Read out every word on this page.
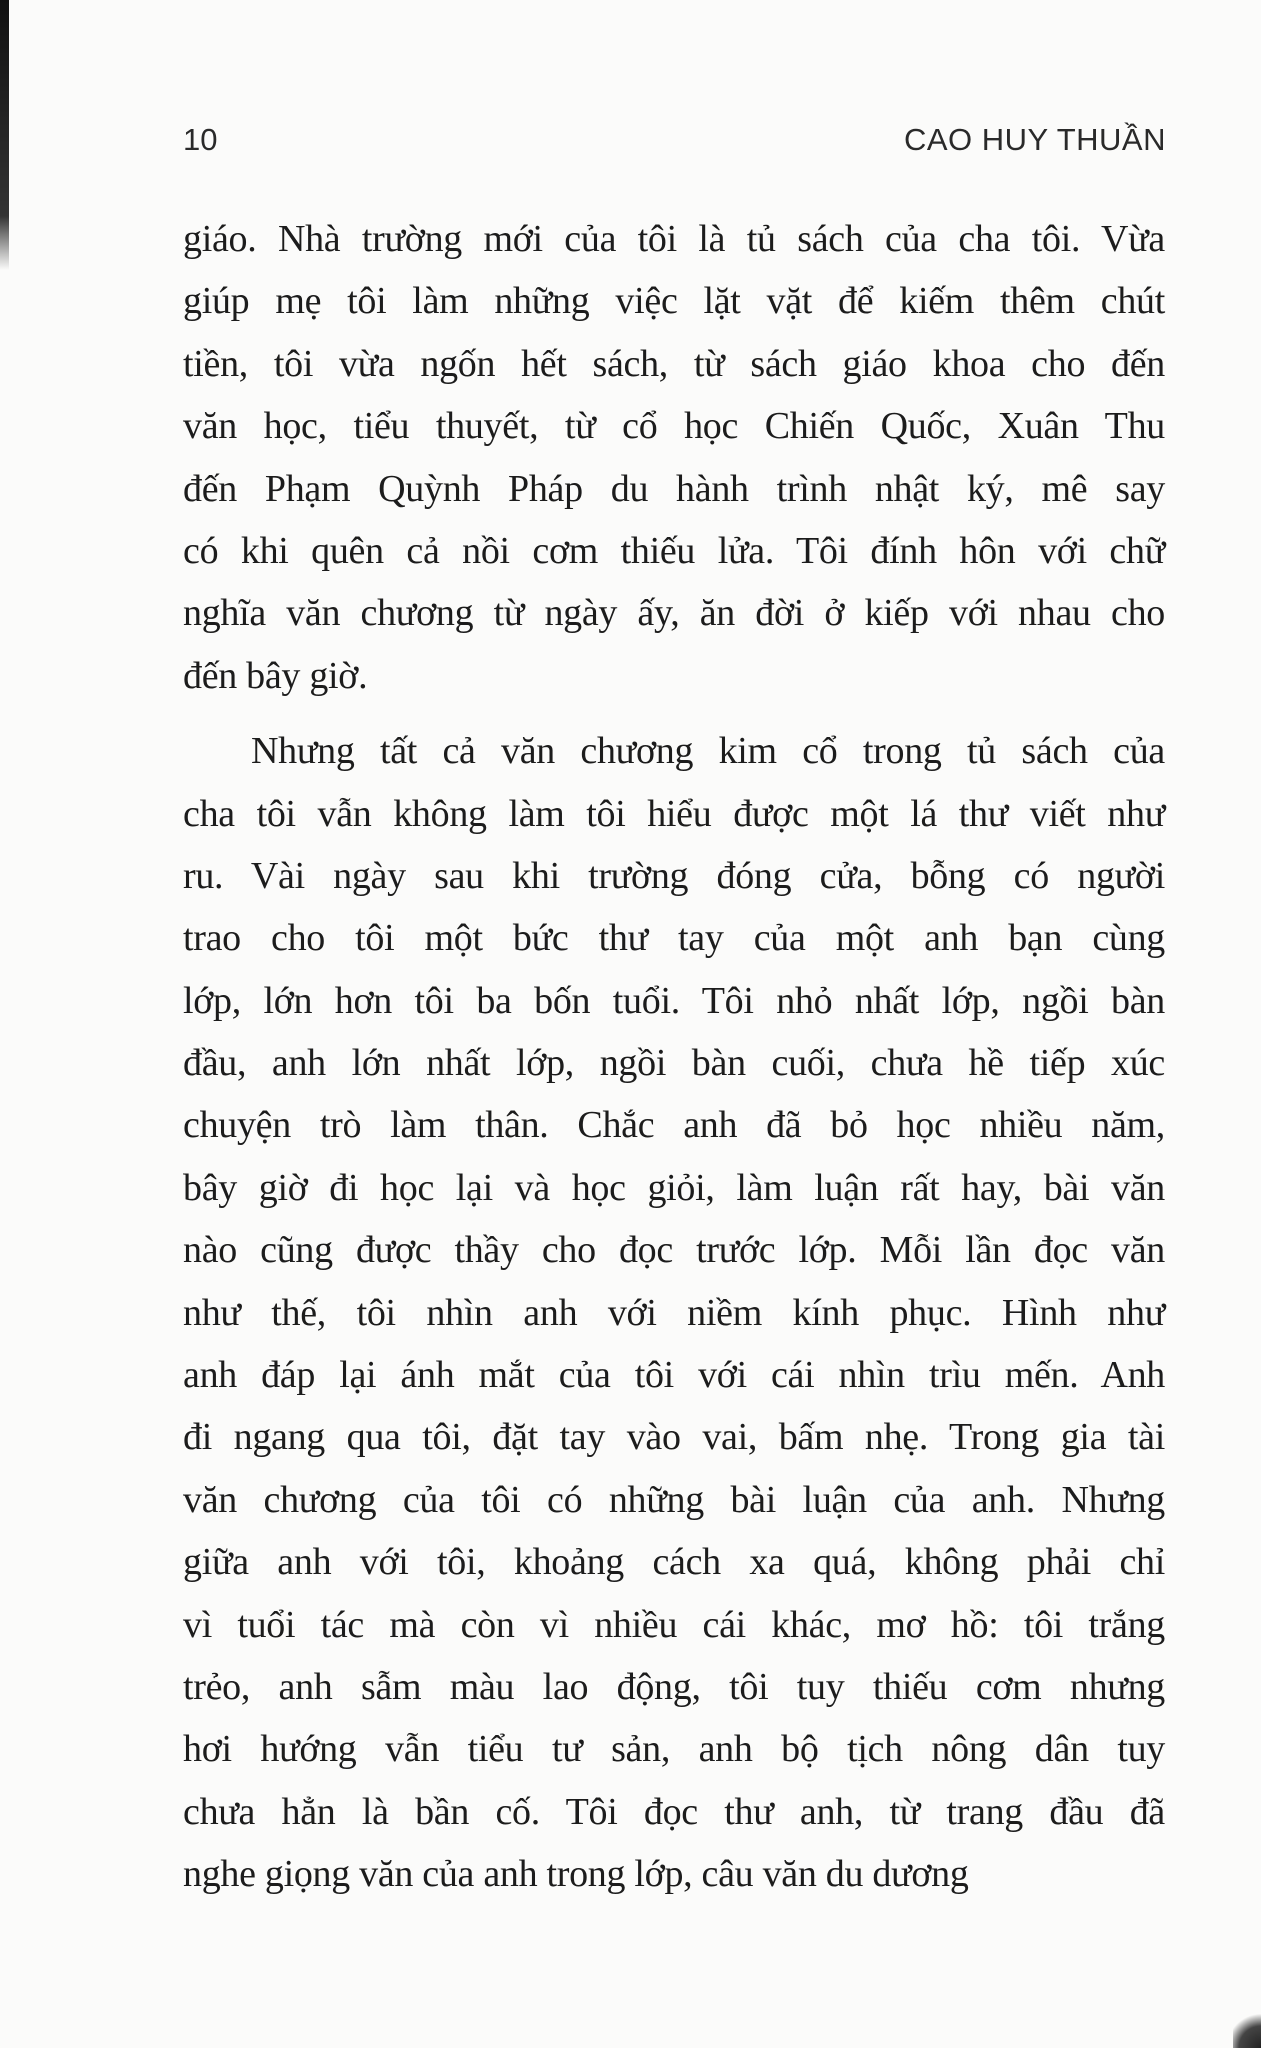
10	CAO HUY THUẦN
giáo. Nhà trường mới của tôi là tủ sách của cha tôi. Vừa
giúp mẹ tôi làm những việc lặt vặt để kiếm thêm chút
tiền, tôi vừa ngốn hết sách, từ sách giáo khoa cho đến
văn học, tiểu thuyết, từ cổ học Chiến Quốc, Xuân Thu
đến Phạm Quỳnh Pháp du hành trình nhật ký, mê say
có khi quên cả nồi cơm thiếu lửa. Tôi đính hôn với chữ
nghĩa văn chương từ ngày ấy, ăn đời ở kiếp với nhau cho
đến bây giờ.
Nhưng tất cả văn chương kim cổ trong tủ sách của
cha tôi vẫn không làm tôi hiểu được một lá thư viết như
ru. Vài ngày sau khi trường đóng cửa, bỗng có người
trao cho tôi một bức thư tay của một anh bạn cùng
lớp, lớn hơn tôi ba bốn tuổi. Tôi nhỏ nhất lớp, ngồi bàn
đầu, anh lớn nhất lớp, ngồi bàn cuối, chưa hề tiếp xúc
chuyện trò làm thân. Chắc anh đã bỏ học nhiều năm,
bây giờ đi học lại và học giỏi, làm luận rất hay, bài văn
nào cũng được thầy cho đọc trước lớp. Mỗi lần đọc văn
như thế, tôi nhìn anh với niềm kính phục. Hình như
anh đáp lại ánh mắt của tôi với cái nhìn trìu mến. Anh
đi ngang qua tôi, đặt tay vào vai, bấm nhẹ. Trong gia tài
văn chương của tôi có những bài luận của anh. Nhưng
giữa anh với tôi, khoảng cách xa quá, không phải chỉ
vì tuổi tác mà còn vì nhiều cái khác, mơ hồ: tôi trắng
trẻo, anh sẫm màu lao động, tôi tuy thiếu cơm nhưng
hơi hướng vẫn tiểu tư sản, anh bộ tịch nông dân tuy
chưa hẳn là bần cố. Tôi đọc thư anh, từ trang đầu đã
nghe giọng văn của anh trong lớp, câu văn du dương
